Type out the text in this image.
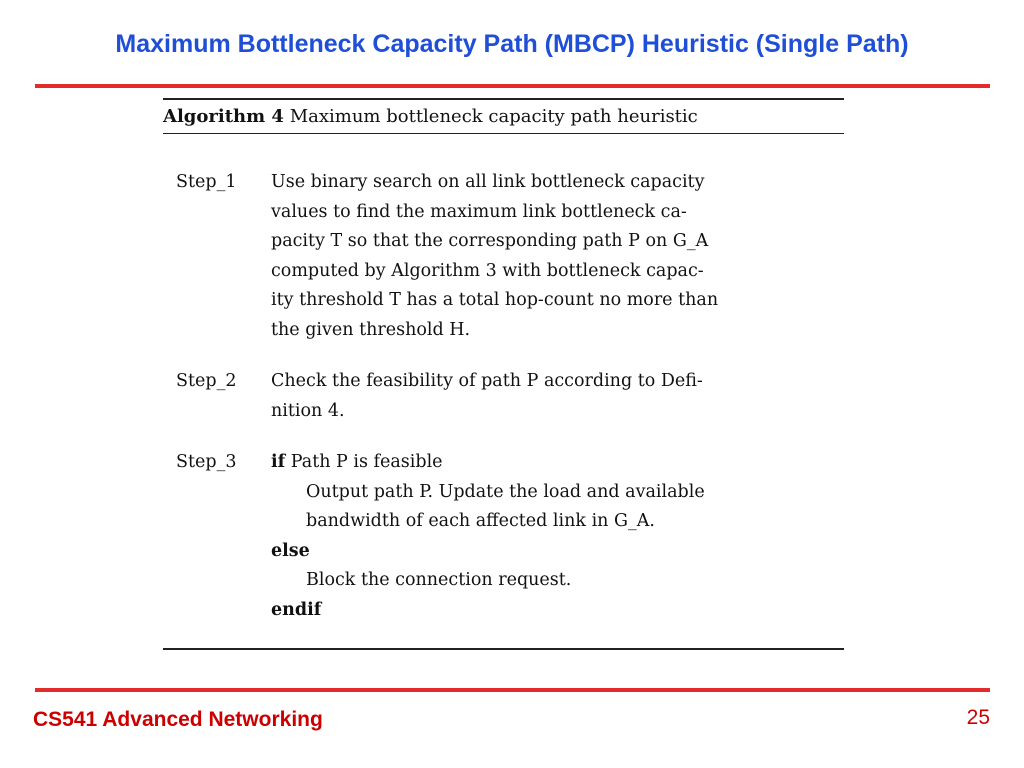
Maximum Bottleneck Capacity Path (MBCP) Heuristic (Single Path)
Algorithm 4 Maximum bottleneck capacity path heuristic
Step_1	Use binary search on all link bottleneck capacity
values to find the maximum link bottleneck ca-
pacity T so that the corresponding path P on G_A
computed by Algorithm 3 with bottleneck capac-
ity threshold T has a total hop-count no more than
the given threshold H.
Step_2	Check the feasibility of path P according to Defi-
nition 4.
Step_3	if Path P is feasible
Output path P. Update the load and available
bandwidth of each affected link in G_A.
else
Block the connection request.
endif
CS541 Advanced Networking	25
